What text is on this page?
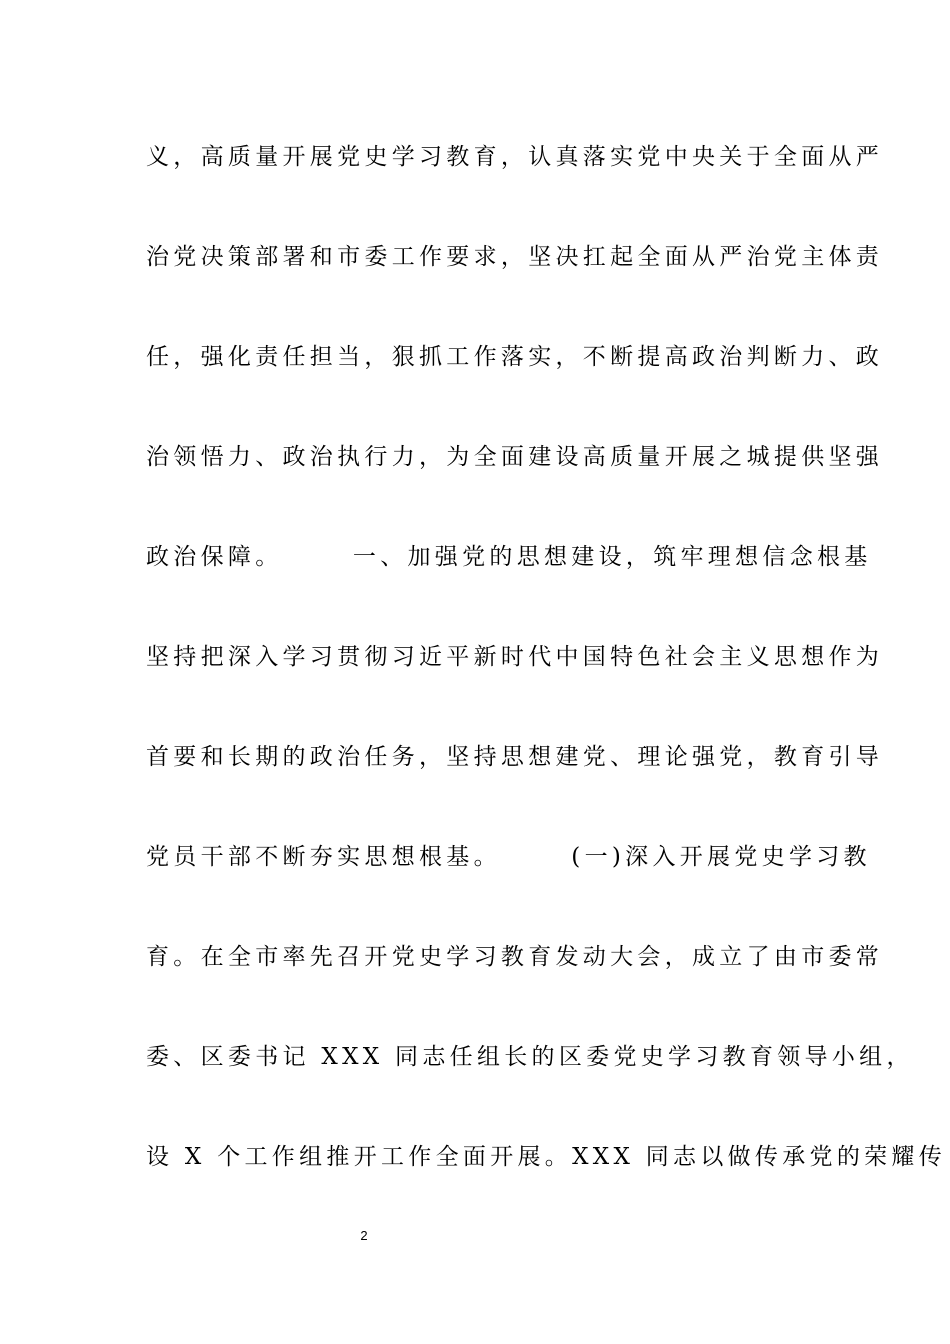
义，高质量开展党史学习教育，认真落实党中央关于全面从严
治党决策部署和市委工作要求，坚决扛起全面从严治党主体责
任，强化责任担当，狠抓工作落实，不断提高政治判断力、政
治领悟力、政治执行力，为全面建设高质量开展之城提供坚强
政治保障。　　　一、加强党的思想建设，筑牢理想信念根基
坚持把深入学习贯彻习近平新时代中国特色社会主义思想作为
首要和长期的政治任务，坚持思想建党、理论强党，教育引导
党员干部不断夯实思想根基。　　　(一)深入开展党史学习教
育。在全市率先召开党史学习教育发动大会，成立了由市委常
委、区委书记 XXX 同志任组长的区委党史学习教育领导小组，
设 X 个工作组推开工作全面开展。XXX 同志以做传承党的荣耀传
2
